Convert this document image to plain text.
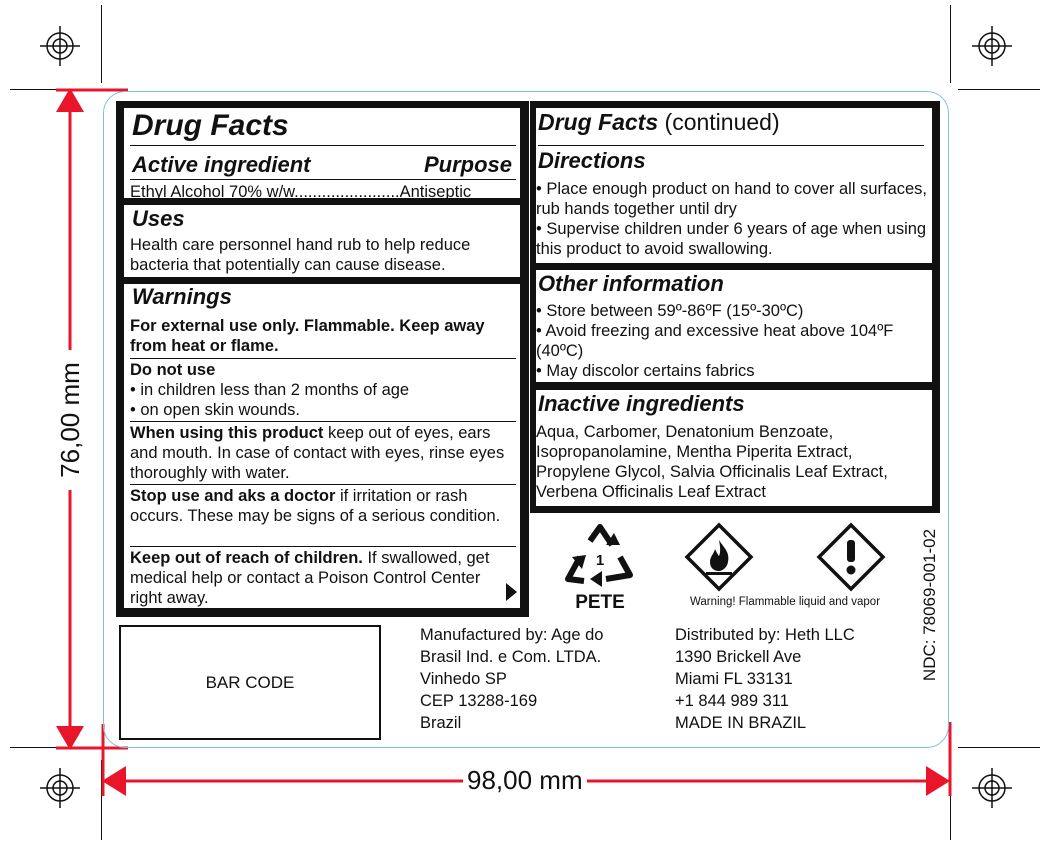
76,00 mm
98,00 mm
Drug Facts
Active ingredient	Purpose
Ethyl Alcohol 70% w/w.......................Antiseptic
Uses
Health care personnel hand rub to help reduce bacteria that potentially can cause disease.
Warnings
For external use only. Flammable. Keep away from heat or flame.
Do not use
• in children less than 2 months of age
• on open skin wounds.
When using this product keep out of eyes, ears and mouth. In case of contact with eyes, rinse eyes thoroughly with water.
Stop use and aks a doctor if irritation or rash occurs. These may be signs of a serious condition.
Keep out of reach of children. If swallowed, get medical help or contact a Poison Control Center right away.
Drug Facts (continued)
Directions
• Place enough product on hand to cover all surfaces, rub hands together until dry
• Supervise children under 6 years of age when using this product to avoid swallowing.
Other information
• Store between 59º-86ºF (15º-30ºC)
• Avoid freezing and excessive heat above 104ºF (40ºC)
• May discolor certains fabrics
Inactive ingredients
Aqua, Carbomer, Denatonium Benzoate, Isopropanolamine, Mentha Piperita Extract, Propylene Glycol, Salvia Officinalis Leaf Extract, Verbena Officinalis Leaf Extract
1
PETE	Warning! Flammable liquid and vapor	NDC: 78069-001-02
BAR CODE
Manufactured by: Age do
Brasil Ind. e Com. LTDA.
Vinhedo SP
CEP 13288-169
Brazil
Distributed by: Heth LLC
1390 Brickell Ave
Miami FL 33131
+1 844 989 311
MADE IN BRAZIL
